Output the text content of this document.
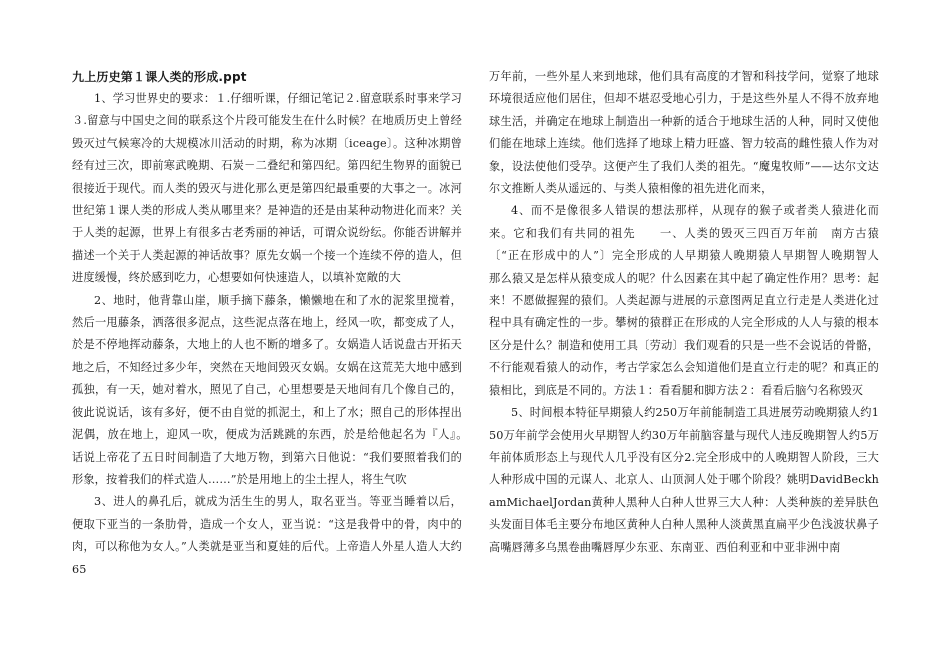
九上历史第１课人类的形成.ppt

1、学习世界史的要求：１.仔细听课，仔细记笔记２.留意联系时事来学习３.留意与中国史之间的联系这个片段可能发生在什么时候？在地质历史上曾经毁灭过气候寒冷的大规模冰川活动的时期，称为冰期〔iceage〕。这种冰期曾经有过三次，即前寒武晚期、石炭－二叠纪和第四纪。第四纪生物界的面貌已很接近于现代。而人类的毁灭与进化那么更是第四纪最重要的大事之一。冰河世纪第１课人类的形成人类从哪里来？是神造的还是由某种动物进化而来？关于人类的起源，世界上有很多古老秀丽的神话，可谓众说纷纭。你能否讲解并描述一个关于人类起源的神话故事？原先女娲一个接一个连续不停的造人，但进度缓慢，终於感到吃力，心想要如何快速造人，以填补宽敞的大

2、地时，他背靠山崖，顺手摘下藤条，懒懒地在和了水的泥浆里搅着，然后一甩藤条，洒落很多泥点，这些泥点落在地上，经风一吹，都变成了人，於是不停地挥动藤条，大地上的人也不断的增多了。女娲造人话说盘古开拓天地之后，不知经过多少年，突然在天地间毁灭女娲。女娲在这荒芜大地中感到孤独，有一天，她对着水，照见了自己，心里想要是天地间有几个像自己的，彼此说说话，该有多好，便不由自觉的抓泥土，和上了水；照自己的形体捏出泥偶，放在地上，迎风一吹，便成为活跳跳的东西，於是给他起名为『人』。　　话说上帝花了五日时间制造了大地万物，到第六日他说：“我们要照着我们的形象，按着我们的样式造人……”於是用地上的尘土捏人，将生气吹

3、进人的鼻孔后，就成为活生生的男人，取名亚当。等亚当睡着以后，便取下亚当的一条肋骨，造成一个女人，亚当说：“这是我骨中的骨，肉中的肉，可以称他为女人。”人类就是亚当和夏娃的后代。上帝造人外星人造人大约65

万年前，一些外星人来到地球，他们具有高度的才智和科技学问，觉察了地球环境很适应他们居住，但却不堪忍受地心引力，于是这些外星人不得不放弃地球生活，并确定在地球上制造出一种新的适合于地球生活的人种，同时又使他们能在地球上连续。他们选择了地球上精力旺盛、智力较高的雌性猿人作为对象，设法使他们受孕。这便产生了我们人类的祖先。“魔鬼牧师”——达尔文达尔文推断人类从遥远的、与类人猿相像的祖先进化而来，

4、而不是像很多人错误的想法那样，从现存的猴子或者类人猿进化而来。它和我们有共同的祖先　　一、人类的毁灭三四百万年前　南方古猿〔“正在形成中的人”〕完全形成的人早期猿人晚期猿人早期智人晚期智人　　那么猿又是怎样从猿变成人的呢？什么因素在其中起了确定性作用？思考：起来！不愿做握猩的猿们。人类起源与进展的示意图两足直立行走是人类进化过程中具有确定性的一步。攀树的猿群正在形成的人完全形成的人人与猿的根本区分是什么？制造和使用工具〔劳动〕我们观看的只是一些不会说话的骨骼，不行能观看猿人的动作，考古学家怎么会知道他们是直立行走的呢？和真正的猿相比，到底是不同的。方法１：看看腿和脚方法２：看看后脑勺名称毁灭

5、时间根本特征早期猿人约250万年前能制造工具进展劳动晚期猿人约150万年前学会使用火早期智人约30万年前脑容量与现代人违反晚期智人约5万年前体质形态上与现代人几乎没有区分2.完全形成中的人晚期智人阶段，三大人种形成中国的元谋人、北京人、山顶洞人处于哪个阶段？姚明DavidBeckhamMichaelJordan黄种人黑种人白种人世界三大人种：人类种族的差异肤色头发面目体毛主要分布地区黄种人白种人黑种人淡黄黑直扁平少色浅波状鼻子高嘴唇薄多乌黑卷曲嘴唇厚少东亚、东南亚、西伯利亚和中亚非洲中南
